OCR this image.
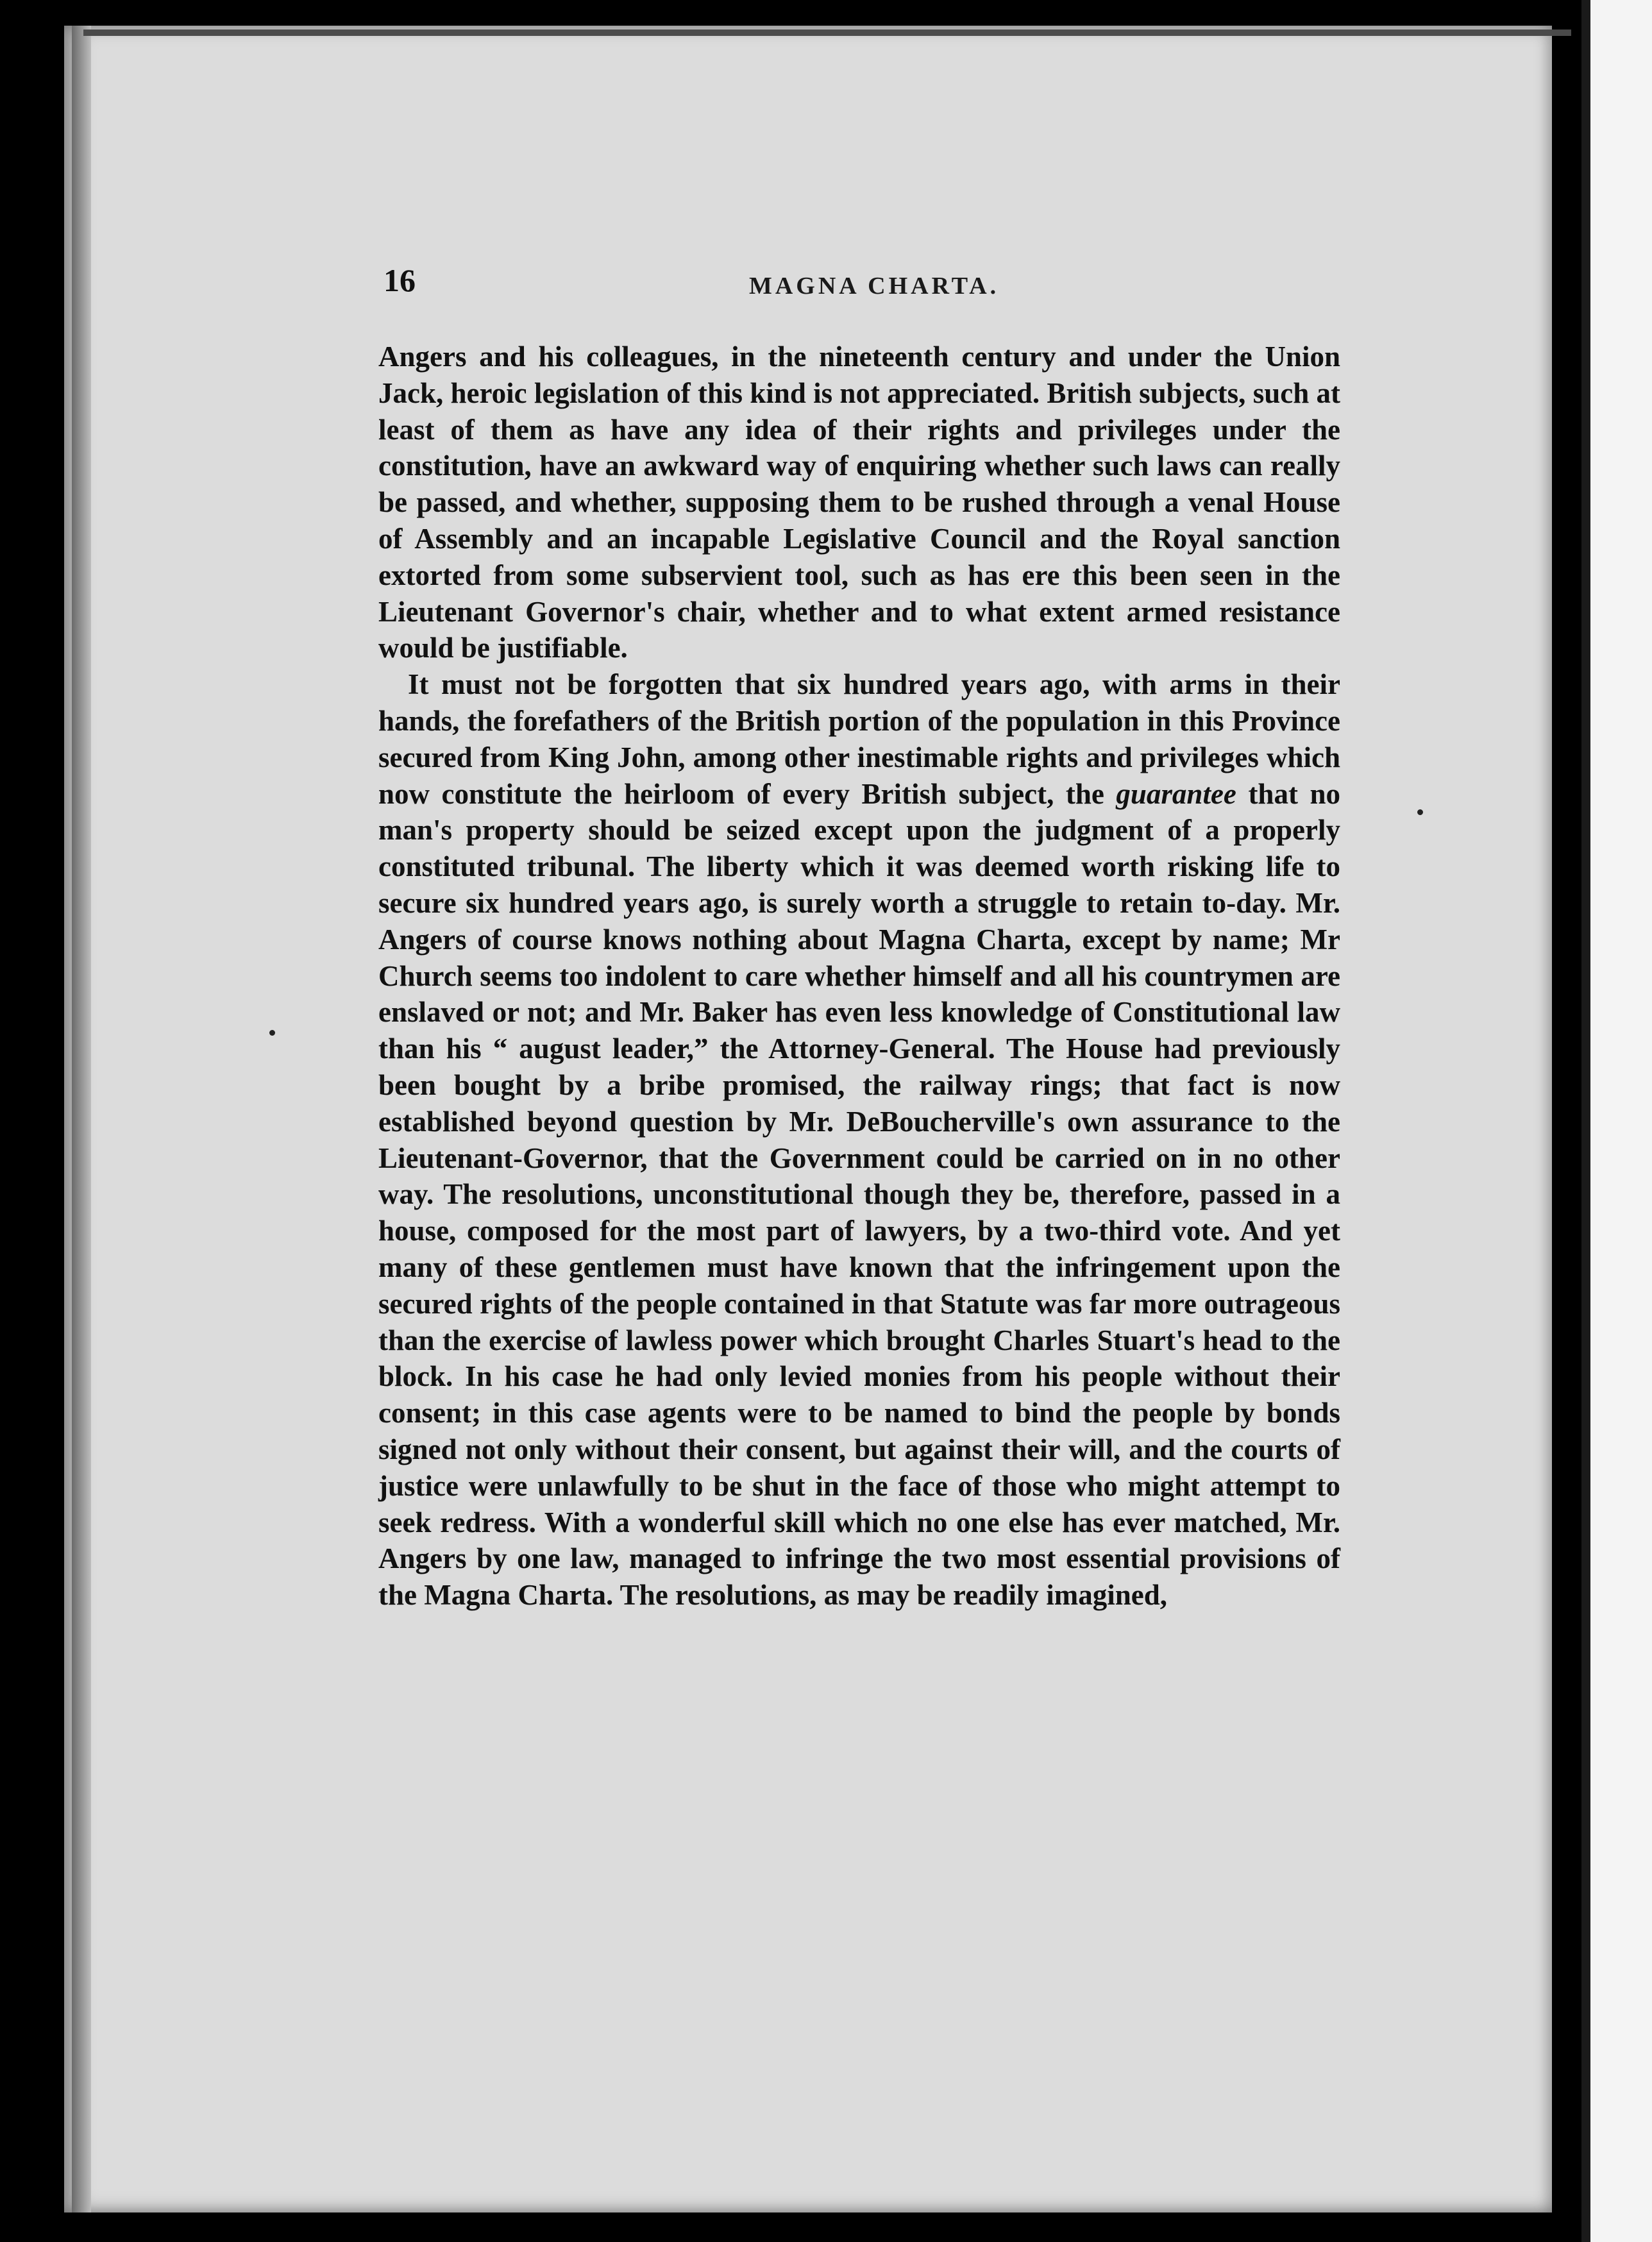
16	MAGNA CHARTA.

Angers and his colleagues, in the nineteenth century and under the Union Jack, heroic legislation of this kind is not appreciated. British subjects, such at least of them as have any idea of their rights and privileges under the constitution, have an awkward way of enquiring whether such laws can really be passed, and whether, supposing them to be rushed through a venal House of Assembly and an incapable Legislative Council and the Royal sanction extorted from some subservient tool, such as has ere this been seen in the Lieutenant Governor's chair, whether and to what extent armed resistance would be justifiable.

It must not be forgotten that six hundred years ago, with arms in their hands, the forefathers of the British portion of the population in this Province secured from King John, among other inestimable rights and privileges which now constitute the heirloom of every British subject, the guarantee that no man's property should be seized except upon the judgment of a properly constituted tribunal. The liberty which it was deemed worth risking life to secure six hundred years ago, is surely worth a struggle to retain to-day. Mr. Angers of course knows nothing about Magna Charta, except by name; Mr Church seems too indolent to care whether himself and all his countrymen are enslaved or not; and Mr. Baker has even less knowledge of Constitutional law than his “ august leader,” the Attorney-General. The House had previously been bought by a bribe promised, the railway rings; that fact is now established beyond question by Mr. DeBoucherville's own assurance to the Lieutenant-Governor, that the Government could be carried on in no other way. The resolutions, unconstitutional though they be, therefore, passed in a house, composed for the most part of lawyers, by a two-third vote. And yet many of these gentlemen must have known that the infringement upon the secured rights of the people contained in that Statute was far more outrageous than the exercise of lawless power which brought Charles Stuart's head to the block. In his case he had only levied monies from his people without their consent; in this case agents were to be named to bind the people by bonds signed not only without their consent, but against their will, and the courts of justice were unlawfully to be shut in the face of those who might attempt to seek redress. With a wonderful skill which no one else has ever matched, Mr. Angers by one law, managed to infringe the two most essential provisions of the Magna Charta. The resolutions, as may be readily imagined,
